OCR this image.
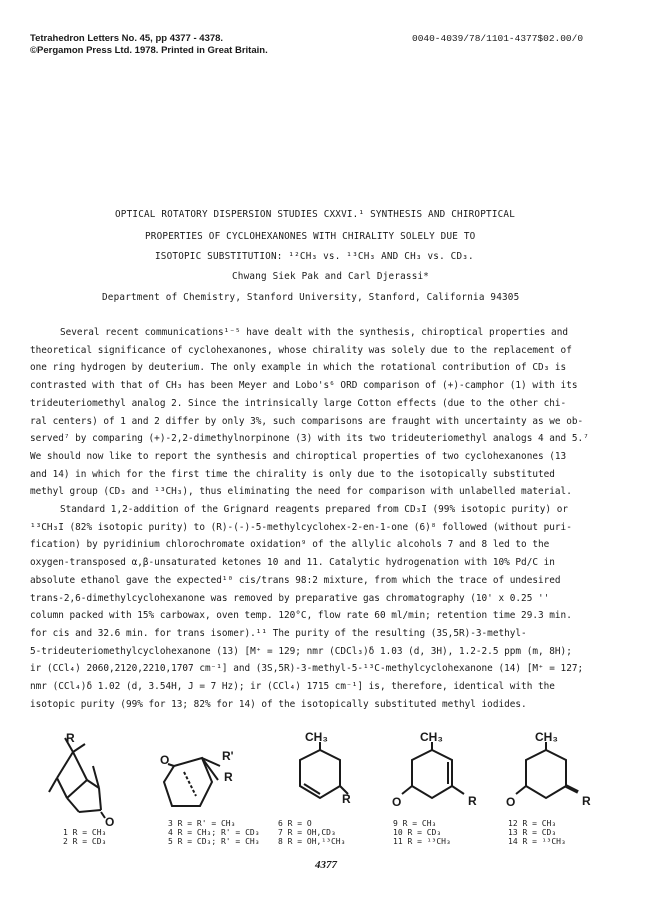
Tetrahedron Letters No. 45, pp 4377 - 4378.
©Pergamon Press Ltd. 1978. Printed in Great Britain.
0040-4039/78/1101-4377$02.00/0
OPTICAL ROTATORY DISPERSION STUDIES CXXVI.¹ SYNTHESIS AND CHIROPTICAL
PROPERTIES OF CYCLOHEXANONES WITH CHIRALITY SOLELY DUE TO
ISOTOPIC SUBSTITUTION: ¹²CH₃ vs. ¹³CH₃ AND CH₃ vs. CD₃.
Chwang Siek Pak and Carl Djerassi*
Department of Chemistry, Stanford University, Stanford, California 94305
Several recent communications¹⁻⁵ have dealt with the synthesis, chiroptical properties and
theoretical significance of cyclohexanones, whose chirality was solely due to the replacement of
one ring hydrogen by deuterium. The only example in which the rotational contribution of CD₃ is
contrasted with that of CH₃ has been Meyer and Lobo's⁶ ORD comparison of (+)-camphor (1) with its
trideuteriomethyl analog 2. Since the intrinsically large Cotton effects (due to the other chi-
ral centers) of 1 and 2 differ by only 3%, such comparisons are fraught with uncertainty as we ob-
served⁷ by comparing (+)-2,2-dimethylnorpinone (3) with its two trideuteriomethyl analogs 4 and 5.⁷
We should now like to report the synthesis and chiroptical properties of two cyclohexanones (13
and 14) in which for the first time the chirality is only due to the isotopically substituted
methyl group (CD₃ and ¹³CH₃), thus eliminating the need for comparison with unlabelled material.
Standard 1,2-addition of the Grignard reagents prepared from CD₃I (99% isotopic purity) or
¹³CH₃I (82% isotopic purity) to (R)-(-)-5-methylcyclohex-2-en-1-one (6)⁸ followed (without puri-
fication) by pyridinium chlorochromate oxidation⁹ of the allylic alcohols 7 and 8 led to the
oxygen-transposed α,β-unsaturated ketones 10 and 11. Catalytic hydrogenation with 10% Pd/C in
absolute ethanol gave the expected¹⁰ cis/trans 98:2 mixture, from which the trace of undesired
trans-2,6-dimethylcyclohexanone was removed by preparative gas chromatography (10' x 0.25 ''
column packed with 15% carbowax, oven temp. 120°C, flow rate 60 ml/min; retention time 29.3 min.
for cis and 32.6 min. for trans isomer).¹¹ The purity of the resulting (3S,5R)-3-methyl-
5-trideuteriomethylcyclohexanone (13) [M⁺ = 129; nmr (CDCl₃)δ 1.03 (d, 3H), 1.2-2.5 ppm (m, 8H);
ir (CCl₄) 2060,2120,2210,1707 cm⁻¹] and (3S,5R)-3-methyl-5-¹³C-methylcyclohexanone (14) [M⁺ = 127;
nmr (CCl₄)δ 1.02 (d, 3.54H, J = 7 Hz); ir (CCl₄) 1715 cm⁻¹] is, therefore, identical with the
isotopic purity (99% for 13; 82% for 14) of the isotopically substituted methyl iodides.
O
R
O	R'
R
CH₃
R	O
CH₃
R O
CH₃
R
1 R = CH₃
2 R = CD₃
3 R = R' = CH₃
4 R = CH₃; R' = CD₃
5 R = CD₃; R' = CH₃
6 R = O
7 R = OH,CD₃
8 R = OH,¹³CH₃
9 R = CH₃
10 R = CD₃
11 R = ¹³CH₃
12 R = CH₃
13 R = CD₃
14 R = ¹³CH₃
4377
